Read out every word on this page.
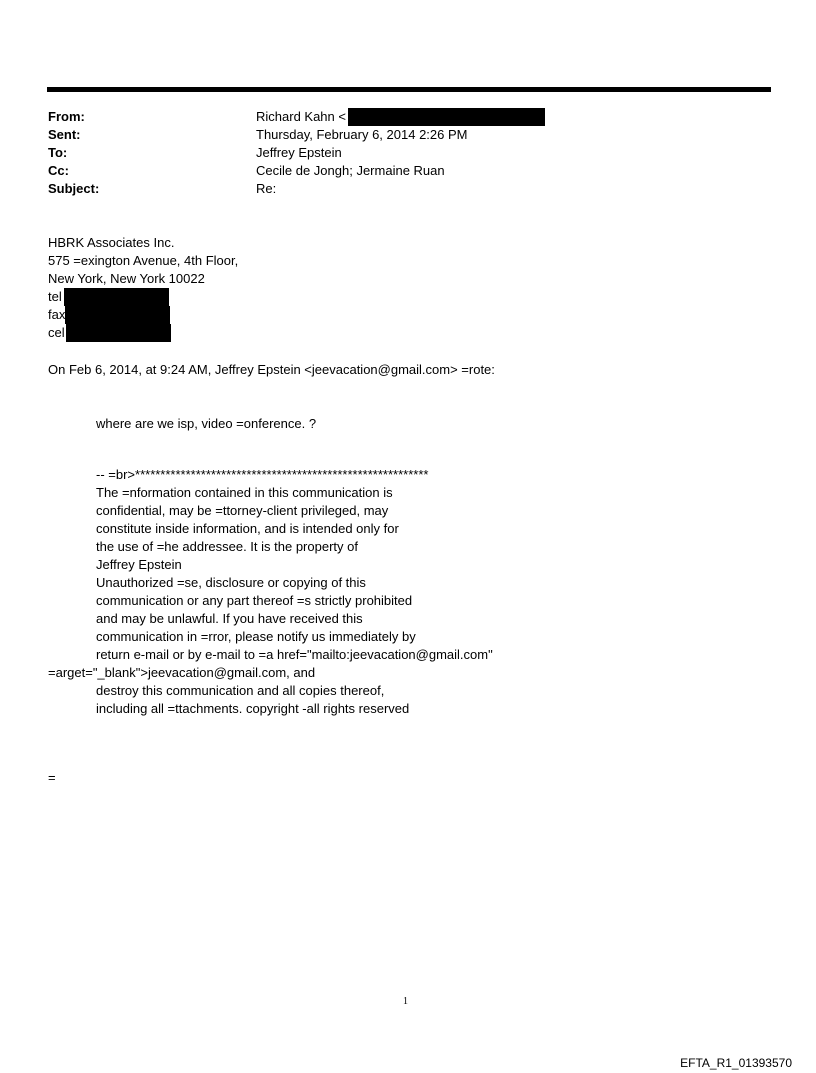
From:	Richard Kahn <
Sent:	Thursday, February 6, 2014 2:26 PM
To:	Jeffrey Epstein
Cc:	Cecile de Jongh; Jermaine Ruan
Subject:	Re:
HBRK Associates Inc.
575 =exington Avenue, 4th Floor,
New York, New York 10022
tel
fax
cel
On Feb 6, 2014, at 9:24 AM, Jeffrey Epstein <jeevacation@gmail.com> =rote:
where are we isp, video =onference. ?
-- =br>**********************************************************
The =nformation contained in this communication is
confidential, may be =ttorney-client privileged, may
constitute inside information, and is intended only for
the use of =he addressee. It is the property of
Jeffrey Epstein
Unauthorized =se, disclosure or copying of this
communication or any part thereof =s strictly prohibited
and may be unlawful. If you have received this
communication in =rror, please notify us immediately by
return e-mail or by e-mail to =a href="mailto:jeevacation@gmail.com"
=arget="_blank">jeevacation@gmail.com, and
destroy this communication and all copies thereof,
including all =ttachments. copyright -all rights reserved
=
1
EFTA_R1_01393570
